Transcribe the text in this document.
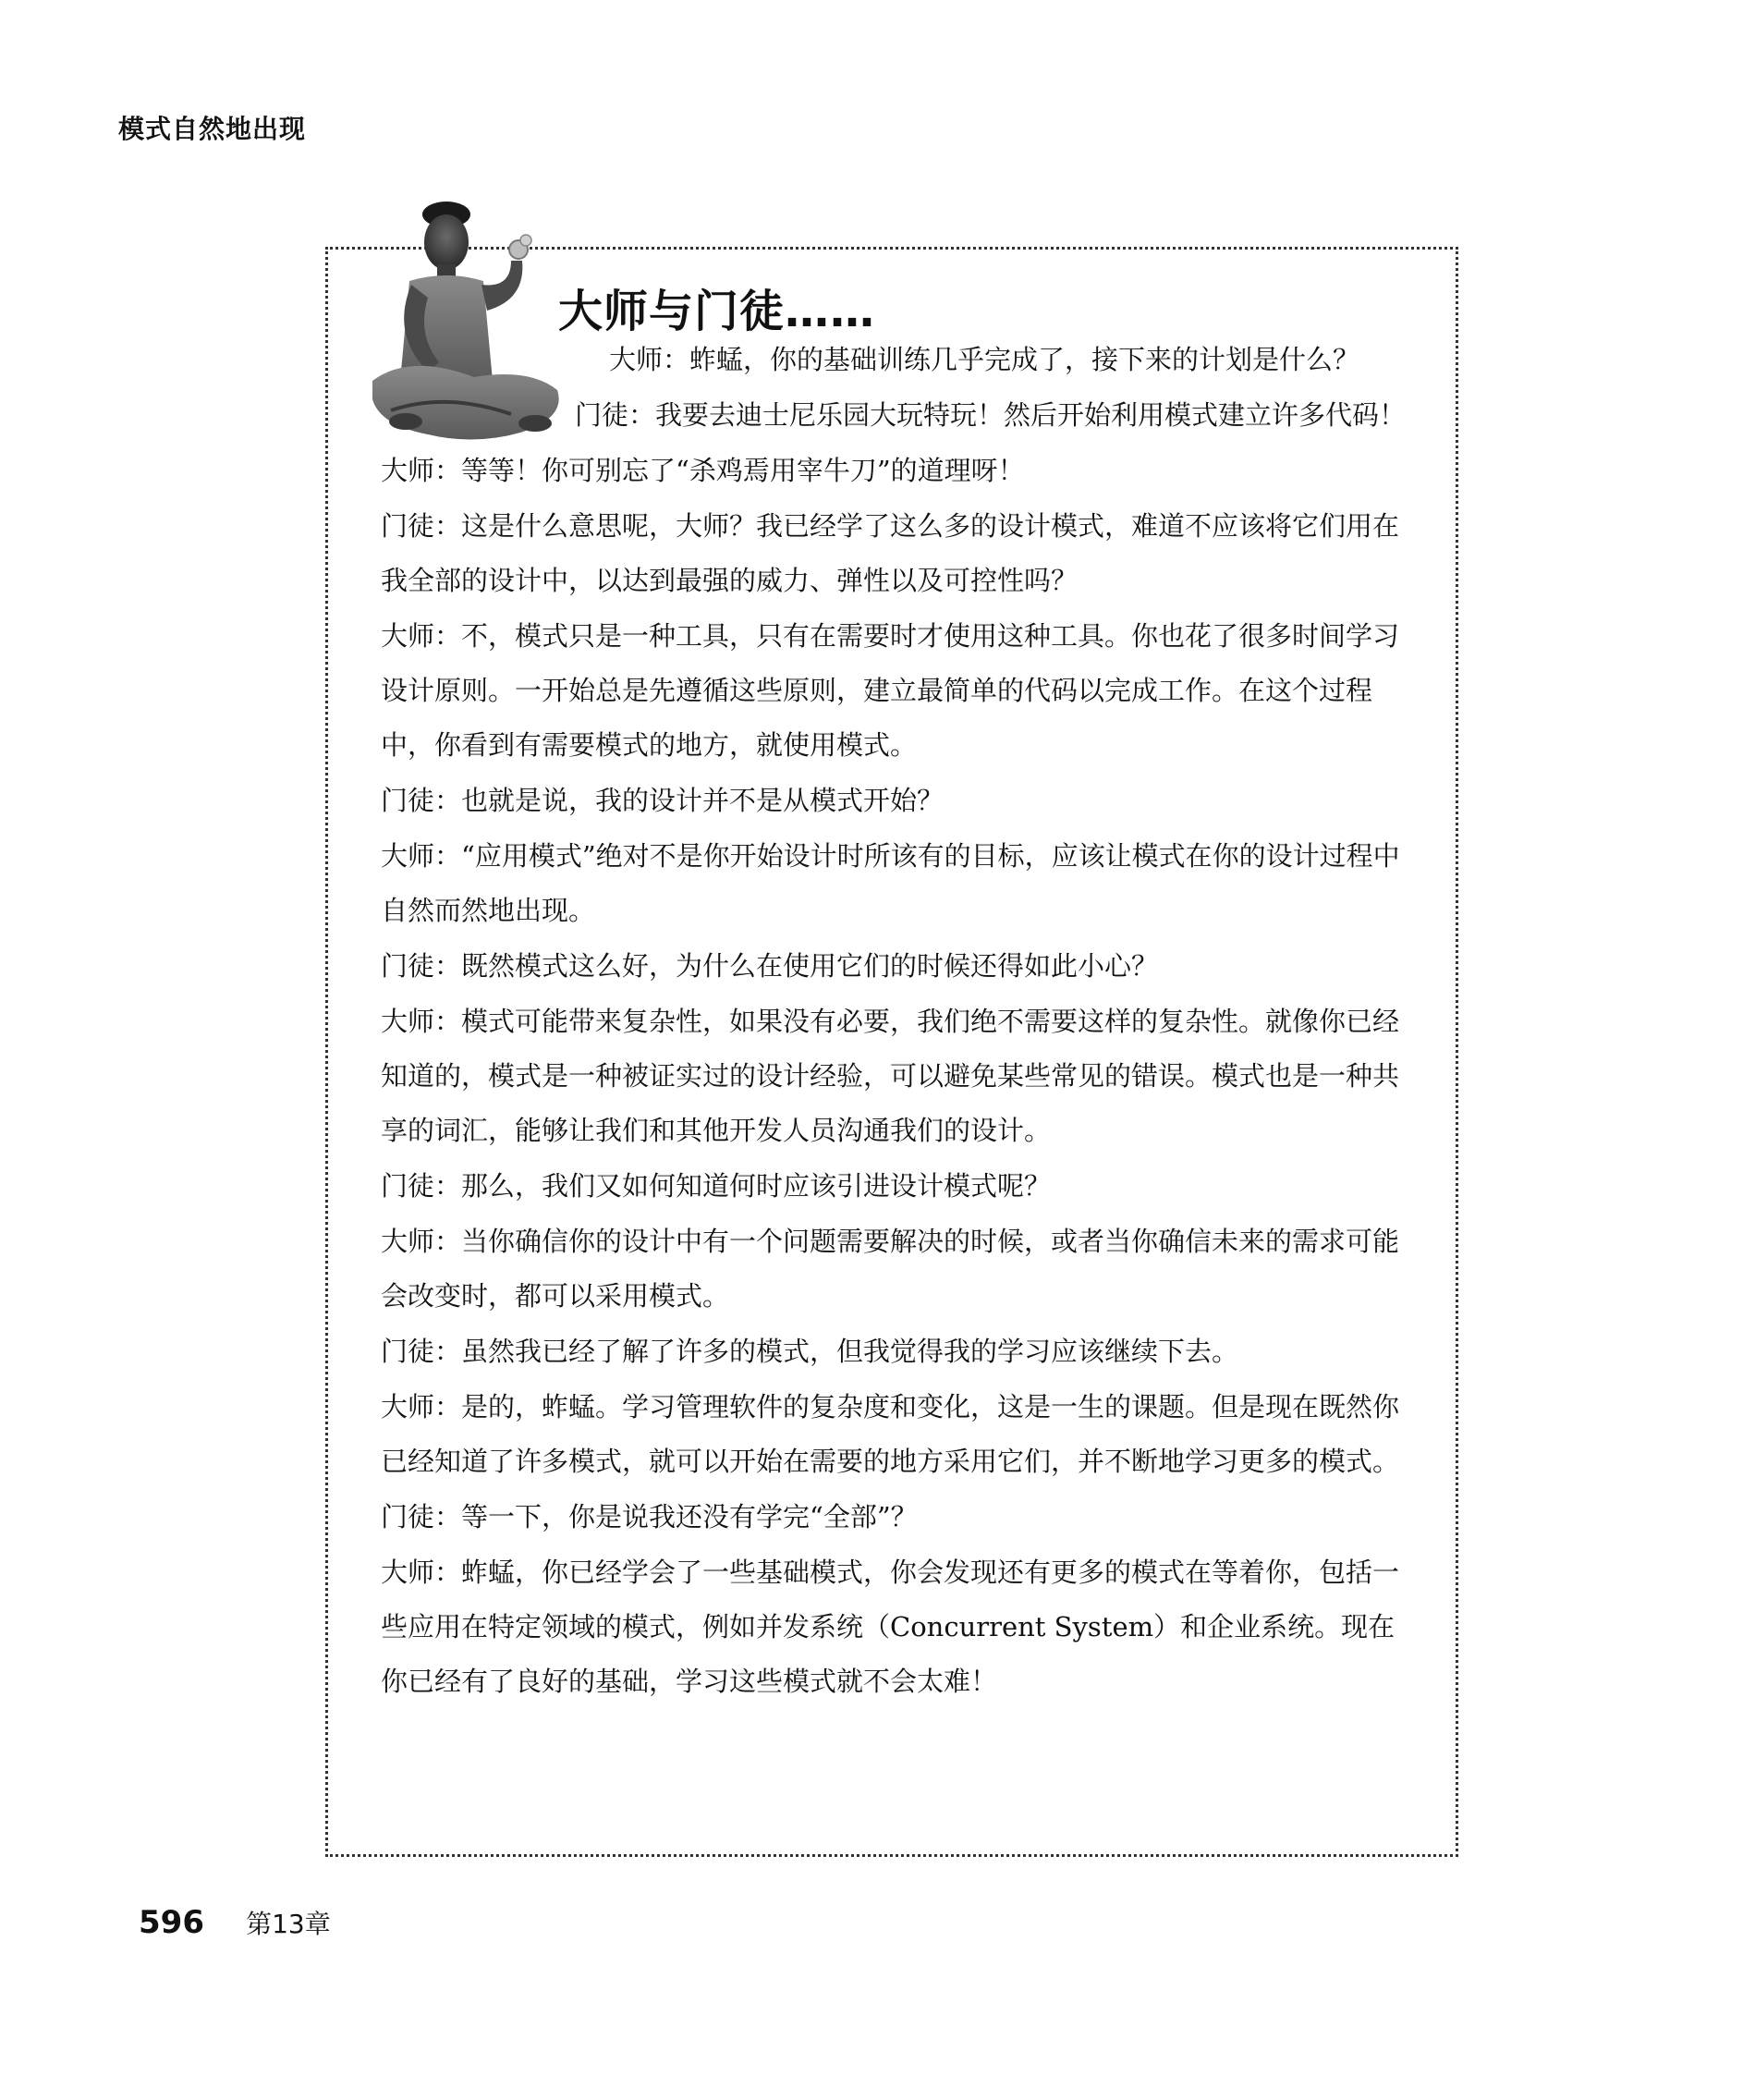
模式自然地出现
大师与门徒……

大师：蚱蜢，你的基础训练几乎完成了，接下来的计划是什么？

门徒：我要去迪士尼乐园大玩特玩！然后开始利用模式建立许多代码！

大师：等等！你可别忘了“杀鸡焉用宰牛刀”的道理呀！

门徒：这是什么意思呢，大师？我已经学了这么多的设计模式，难道不应该将它们用在我全部的设计中，以达到最强的威力、弹性以及可控性吗？

大师：不，模式只是一种工具，只有在需要时才使用这种工具。你也花了很多时间学习设计原则。一开始总是先遵循这些原则，建立最简单的代码以完成工作。在这个过程中，你看到有需要模式的地方，就使用模式。

门徒：也就是说，我的设计并不是从模式开始？

大师：“应用模式”绝对不是你开始设计时所该有的目标，应该让模式在你的设计过程中自然而然地出现。

门徒：既然模式这么好，为什么在使用它们的时候还得如此小心？

大师：模式可能带来复杂性，如果没有必要，我们绝不需要这样的复杂性。就像你已经知道的，模式是一种被证实过的设计经验，可以避免某些常见的错误。模式也是一种共享的词汇，能够让我们和其他开发人员沟通我们的设计。

门徒：那么，我们又如何知道何时应该引进设计模式呢？

大师：当你确信你的设计中有一个问题需要解决的时候，或者当你确信未来的需求可能会改变时，都可以采用模式。

门徒：虽然我已经了解了许多的模式，但我觉得我的学习应该继续下去。

大师：是的，蚱蜢。学习管理软件的复杂度和变化，这是一生的课题。但是现在既然你已经知道了许多模式，就可以开始在需要的地方采用它们，并不断地学习更多的模式。

门徒：等一下，你是说我还没有学完“全部”？

大师：蚱蜢，你已经学会了一些基础模式，你会发现还有更多的模式在等着你，包括一些应用在特定领域的模式，例如并发系统（Concurrent System）和企业系统。现在你已经有了良好的基础，学习这些模式就不会太难！

596 第13章
